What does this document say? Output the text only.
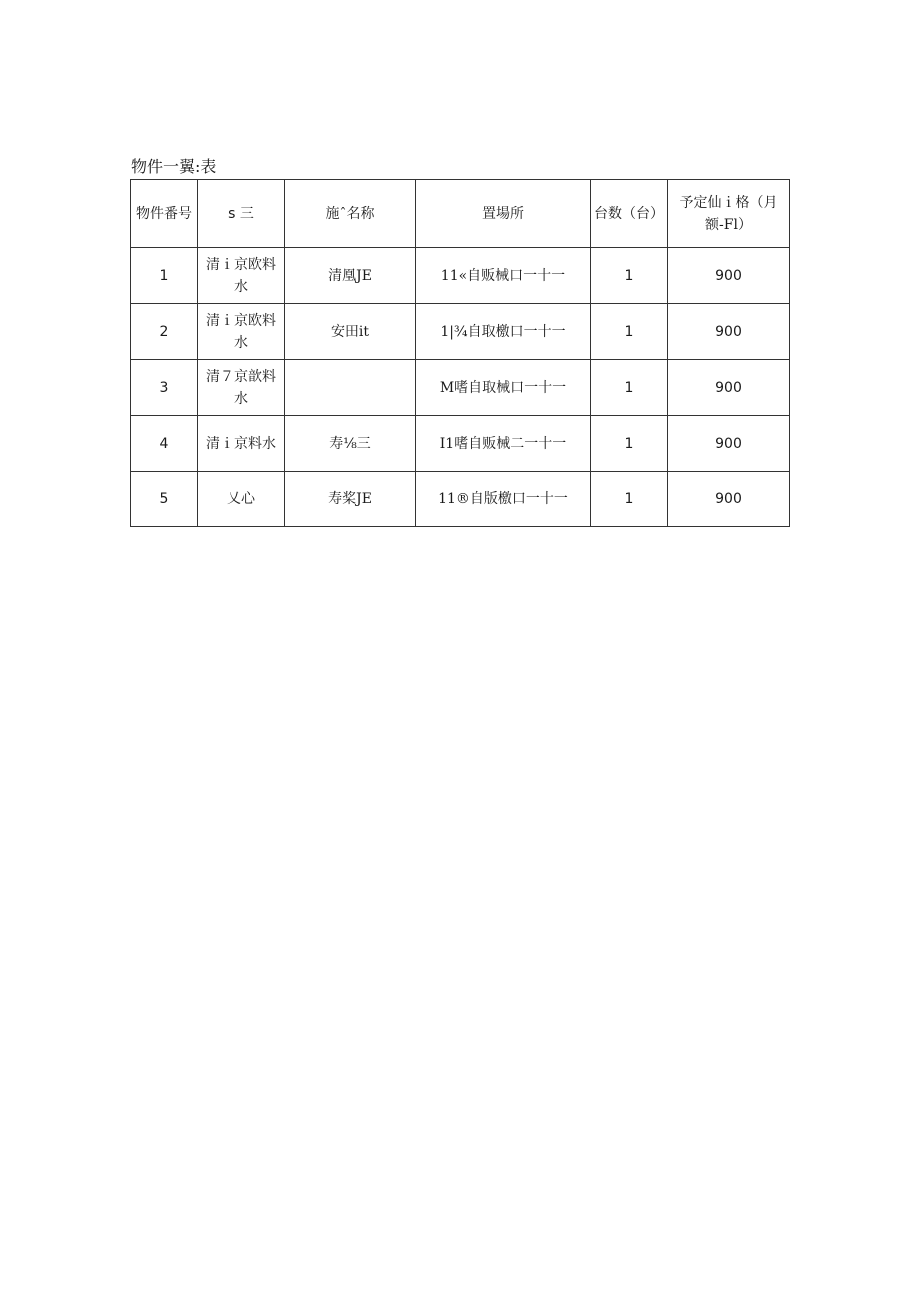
物件一翼:表
物件番号	s 三	施ˆ名称	置場所	台数（台）	予定仙ｉ格（月额-Fl）
1	清ｉ京欧料水	清凰JE	11«自贩械口一十一	1	900
2	清ｉ京欧料水	安田it	1|¾自取檄口一十一	1	900
3	清７京歆料水		M嗜自取械口一十一	1	900
4	清ｉ京料水	寿⅛三	I1嗜自贩械二一十一	1	900
5	乂心	寿桨JE	11®自版檄口一十一	1	900
